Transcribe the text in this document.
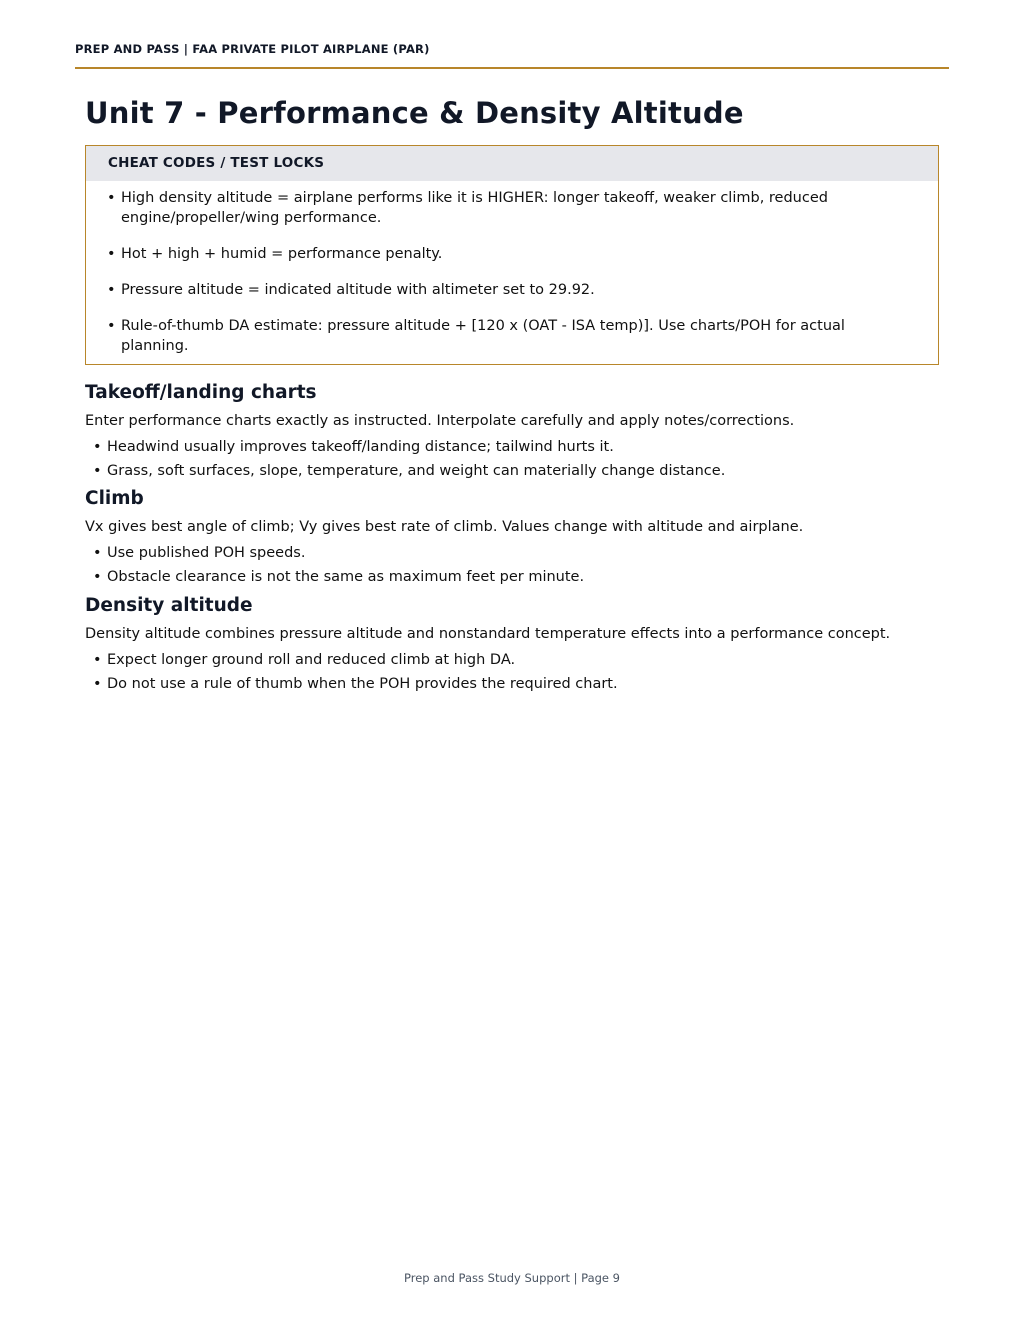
PREP AND PASS | FAA PRIVATE PILOT AIRPLANE (PAR)
Unit 7 - Performance & Density Altitude
CHEAT CODES / TEST LOCKS
• High density altitude = airplane performs like it is HIGHER: longer takeoff, weaker climb, reduced engine/propeller/wing performance.
• Hot + high + humid = performance penalty.
• Pressure altitude = indicated altitude with altimeter set to 29.92.
• Rule-of-thumb DA estimate: pressure altitude + [120 x (OAT - ISA temp)]. Use charts/POH for actual planning.
Takeoff/landing charts

Enter performance charts exactly as instructed. Interpolate carefully and apply notes/corrections.

• Headwind usually improves takeoff/landing distance; tailwind hurts it.
• Grass, soft surfaces, slope, temperature, and weight can materially change distance.
Climb

Vx gives best angle of climb; Vy gives best rate of climb. Values change with altitude and airplane.

• Use published POH speeds.
• Obstacle clearance is not the same as maximum feet per minute.
Density altitude

Density altitude combines pressure altitude and nonstandard temperature effects into a performance concept.

• Expect longer ground roll and reduced climb at high DA.
• Do not use a rule of thumb when the POH provides the required chart.
Prep and Pass Study Support | Page 9
